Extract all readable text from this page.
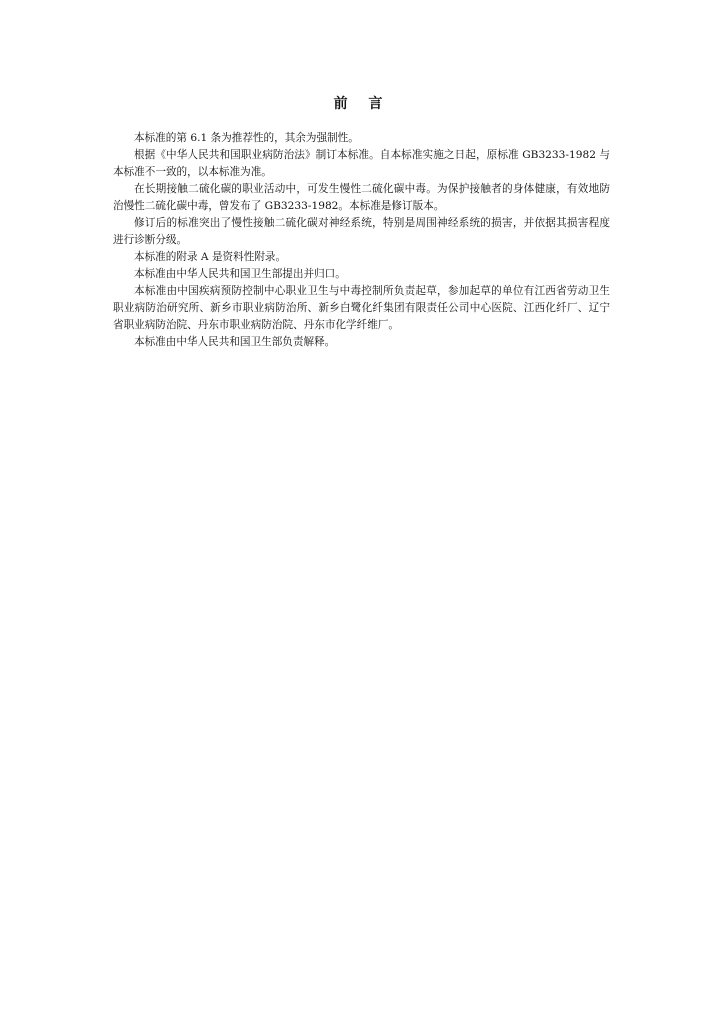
前 言

本标准的第 6.1 条为推荐性的，其余为强制性。

根据《中华人民共和国职业病防治法》制订本标准。自本标准实施之日起，原标准 GB3233-1982 与本标准不一致的，以本标准为准。

在长期接触二硫化碳的职业活动中，可发生慢性二硫化碳中毒。为保护接触者的身体健康，有效地防治慢性二硫化碳中毒，曾发布了 GB3233-1982。本标准是修订版本。

修订后的标准突出了慢性接触二硫化碳对神经系统，特别是周围神经系统的损害，并依据其损害程度进行诊断分级。

本标准的附录 A 是资料性附录。

本标准由中华人民共和国卫生部提出并归口。

本标准由中国疾病预防控制中心职业卫生与中毒控制所负责起草，参加起草的单位有江西省劳动卫生职业病防治研究所、新乡市职业病防治所、新乡白鹭化纤集团有限责任公司中心医院、江西化纤厂、辽宁省职业病防治院、丹东市职业病防治院、丹东市化学纤维厂。

本标准由中华人民共和国卫生部负责解释。
